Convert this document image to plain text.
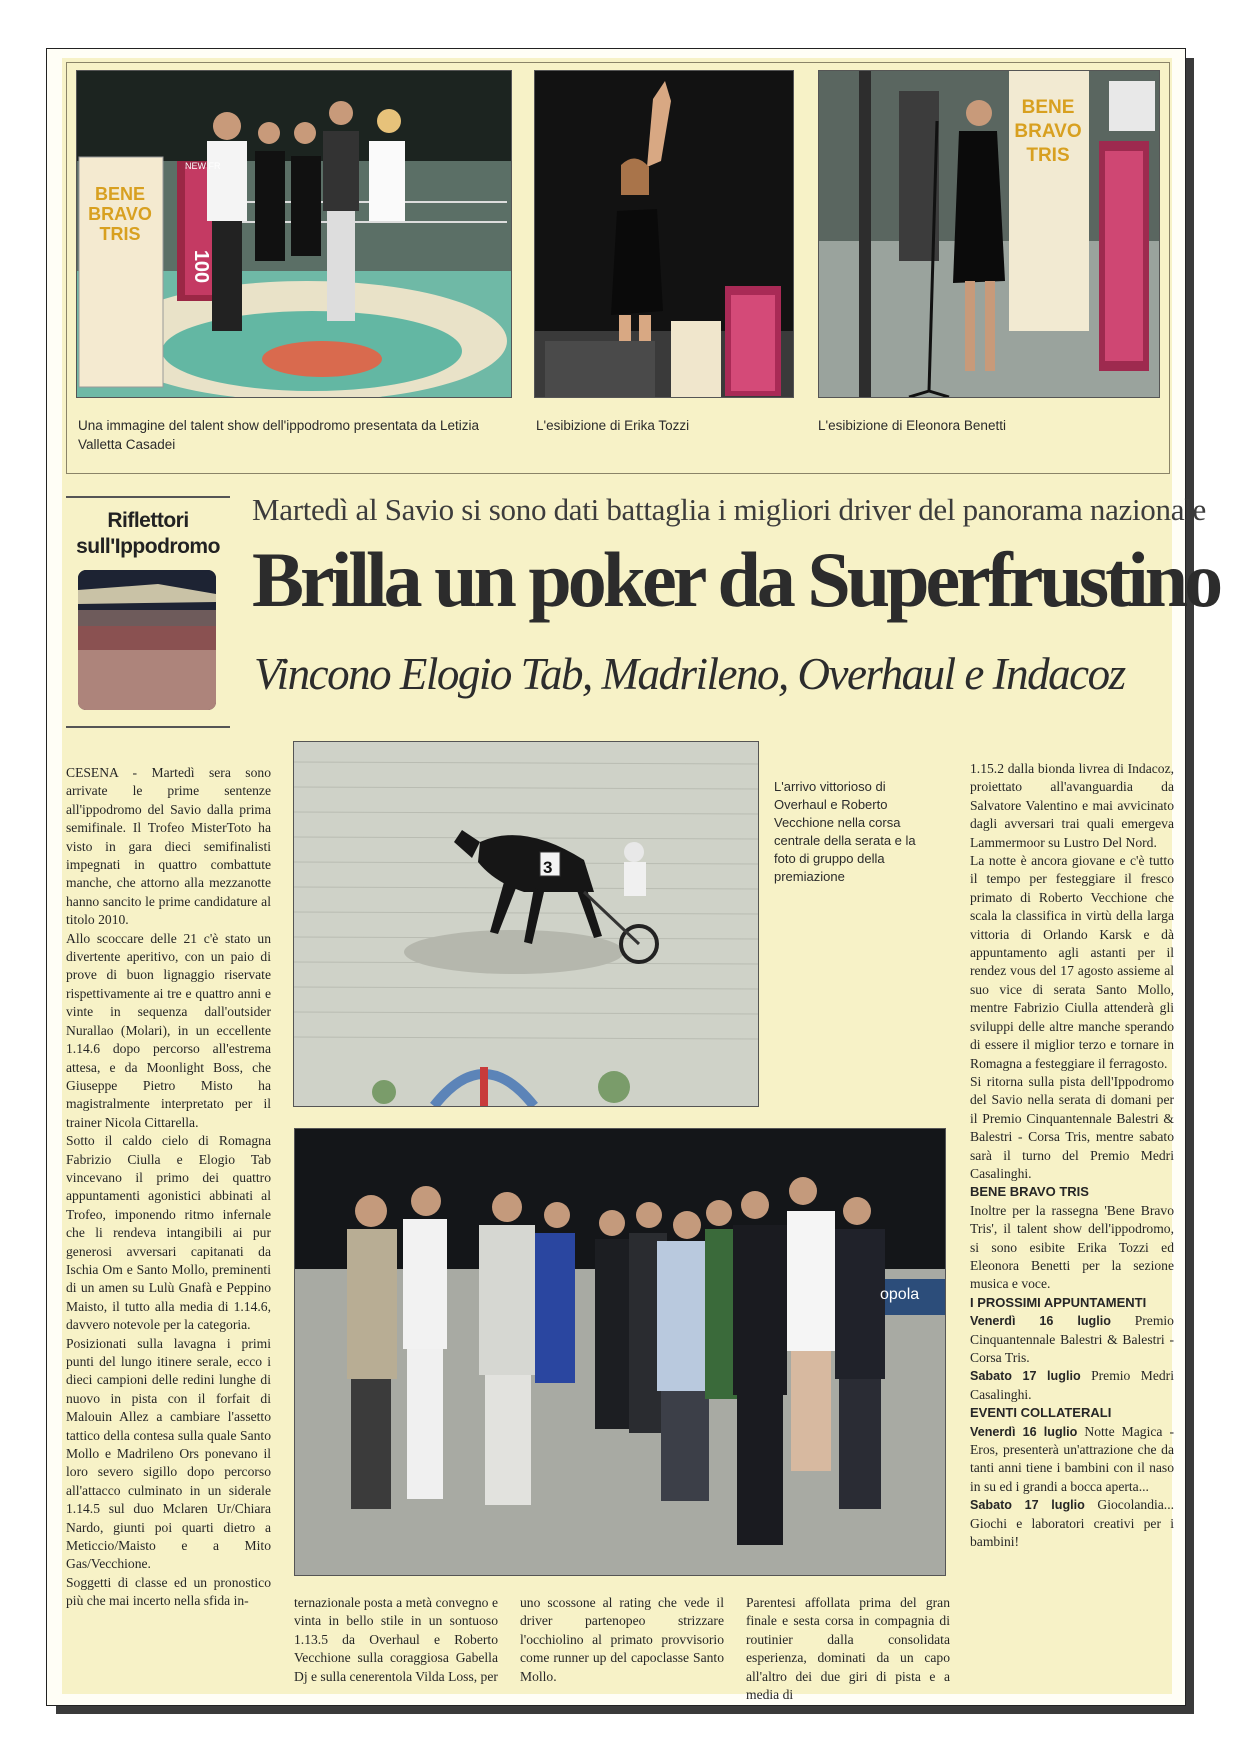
BENE
BRAVO
TRIS
100
NEW FR
BENE
BRAVO
TRIS
Una immagine del talent show dell'ippodromo presentata da Letizia Valletta Casadei
L'esibizione di Erika Tozzi	L'esibizione di Eleonora Benetti
Riflettori
sull'Ippodromo
Martedì al Savio si sono dati battaglia i migliori driver del panorama nazionale
Brilla un poker da Superfrustino
Vincono Elogio Tab, Madrileno, Overhaul e Indacoz
3
L'arrivo vittorioso di Overhaul e Roberto Vecchione nella corsa centrale della serata e la foto di gruppo della premiazione
opola

CESENA - Martedì sera sono arrivate le prime sentenze all'ippodromo del Savio dalla prima semifinale. Il Trofeo MisterToto ha visto in gara dieci semifinalisti impegnati in quattro combattute manche, che attorno alla mezzanotte hanno sancito le prime candidature al titolo 2010.

Allo scoccare delle 21 c'è stato un divertente aperitivo, con un paio di prove di buon lignaggio riservate rispettivamente ai tre e quattro anni e vinte in sequenza dall'outsider Nurallao (Molari), in un eccellente 1.14.6 dopo percorso all'estrema attesa, e da Moonlight Boss, che Giuseppe Pietro Misto ha magistralmente interpretato per il trainer Nicola Cittarella.

Sotto il caldo cielo di Romagna Fabrizio Ciulla e Elogio Tab vincevano il primo dei quattro appuntamenti agonistici abbinati al Trofeo, imponendo ritmo infernale che li rendeva intangibili ai pur generosi avversari capitanati da Ischia Om e Santo Mollo, preminenti di un amen su Lulù Gnafà e Peppino Maisto, il tutto alla media di 1.14.6, davvero notevole per la categoria.

Posizionati sulla lavagna i primi punti del lungo itinere serale, ecco i dieci campioni delle redini lunghe di nuovo in pista con il forfait di Malouin Allez a cambiare l'assetto tattico della contesa sulla quale Santo Mollo e Madrileno Ors ponevano il loro severo sigillo dopo percorso all'attacco culminato in un siderale 1.14.5 sul duo Mclaren Ur/Chiara Nardo, giunti poi quarti dietro a Meticcio/Maisto e a Mito Gas/Vecchione.

Soggetti di classe ed un pronostico più che mai incerto nella sfida in-	ternazionale posta a metà convegno e vinta in bello stile in un sontuoso 1.13.5 da Overhaul e Roberto Vecchione sulla coraggiosa Gabella Dj e sulla cenerentola Vilda Loss, per

uno scossone al rating che vede il driver partenopeo strizzare l'occhiolino al primato provvisorio come runner up del capoclasse Santo Mollo.

Parentesi affollata prima del gran finale e sesta corsa in compagnia di routinier dalla consolidata esperienza, dominati da un capo all'altro dei due giri di pista e a media di

1.15.2 dalla bionda livrea di Indacoz, proiettato all'avanguardia da Salvatore Valentino e mai avvicinato dagli avversari trai quali emergeva Lammermoor su Lustro Del Nord.

La notte è ancora giovane e c'è tutto il tempo per festeggiare il fresco primato di Roberto Vecchione che scala la classifica in virtù della larga vittoria di Orlando Karsk e dà appuntamento agli astanti per il rendez vous del 17 agosto assieme al suo vice di serata Santo Mollo, mentre Fabrizio Ciulla attenderà gli sviluppi delle altre manche sperando di essere il miglior terzo e tornare in Romagna a festeggiare il ferragosto.

Si ritorna sulla pista dell'Ippodromo del Savio nella serata di domani per il Premio Cinquantennale Balestri & Balestri - Corsa Tris, mentre sabato sarà il turno del Premio Medri Casalinghi.

BENE BRAVO TRIS

Inoltre per la rassegna 'Bene Bravo Tris', il talent show dell'ippodromo, si sono esibite Erika Tozzi ed Eleonora Benetti per la sezione musica e voce.

I PROSSIMI APPUNTAMENTI

Venerdì 16 luglio Premio Cinquantennale Balestri & Balestri - Corsa Tris.

Sabato 17 luglio Premio Medri Casalinghi.

EVENTI COLLATERALI

Venerdì 16 luglio Notte Magica - Eros, presenterà un'attrazione che da tanti anni tiene i bambini con il naso in su ed i grandi a bocca aperta...

Sabato 17 luglio Giocolandia... Giochi e laboratori creativi per i bambini!
